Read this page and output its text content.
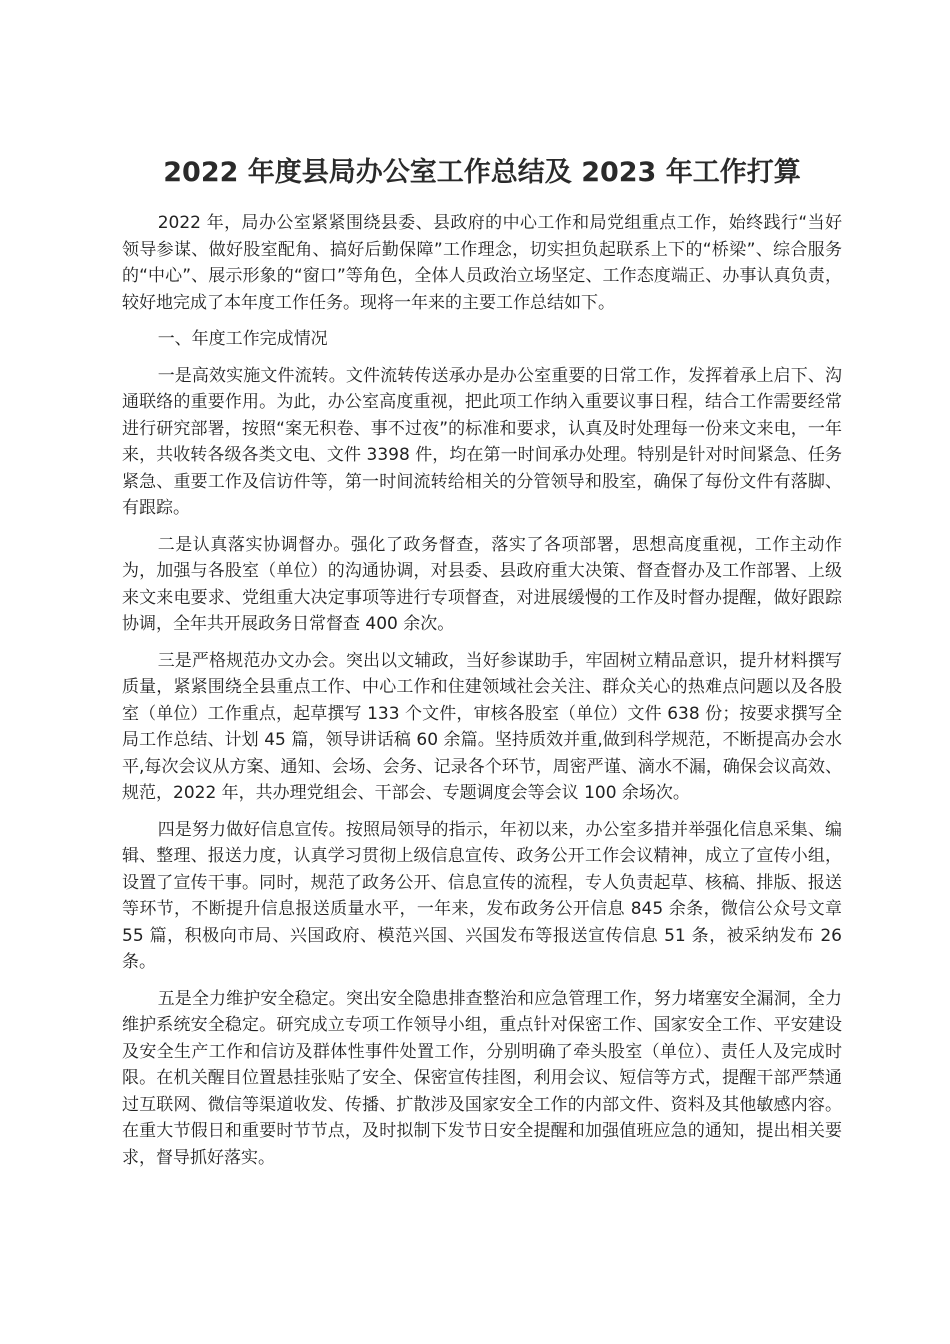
2022 年度县局办公室工作总结及 2023 年工作打算

2022 年，局办公室紧紧围绕县委、县政府的中心工作和局党组重点工作，始终践行“当好领导参谋、做好股室配角、搞好后勤保障”工作理念，切实担负起联系上下的“桥梁”、综合服务的“中心”、展示形象的“窗口”等角色，全体人员政治立场坚定、工作态度端正、办事认真负责，较好地完成了本年度工作任务。现将一年来的主要工作总结如下。

一、年度工作完成情况

一是高效实施文件流转。文件流转传送承办是办公室重要的日常工作，发挥着承上启下、沟通联络的重要作用。为此，办公室高度重视，把此项工作纳入重要议事日程，结合工作需要经常进行研究部署，按照“案无积卷、事不过夜”的标准和要求，认真及时处理每一份来文来电，一年来，共收转各级各类文电、文件 3398 件，均在第一时间承办处理。特别是针对时间紧急、任务紧急、重要工作及信访件等，第一时间流转给相关的分管领导和股室，确保了每份文件有落脚、有跟踪。

二是认真落实协调督办。强化了政务督查，落实了各项部署，思想高度重视，工作主动作为，加强与各股室（单位）的沟通协调，对县委、县政府重大决策、督查督办及工作部署、上级来文来电要求、党组重大决定事项等进行专项督查，对进展缓慢的工作及时督办提醒，做好跟踪协调，全年共开展政务日常督查 400 余次。

三是严格规范办文办会。突出以文辅政，当好参谋助手，牢固树立精品意识，提升材料撰写质量，紧紧围绕全县重点工作、中心工作和住建领域社会关注、群众关心的热难点问题以及各股室（单位）工作重点，起草撰写 133 个文件，审核各股室（单位）文件 638 份；按要求撰写全局工作总结、计划 45 篇，领导讲话稿 60 余篇。坚持质效并重,做到科学规范，不断提高办会水平,每次会议从方案、通知、会场、会务、记录各个环节，周密严谨、滴水不漏，确保会议高效、规范，2022 年，共办理党组会、干部会、专题调度会等会议 100 余场次。

四是努力做好信息宣传。按照局领导的指示，年初以来，办公室多措并举强化信息采集、编辑、整理、报送力度，认真学习贯彻上级信息宣传、政务公开工作会议精神，成立了宣传小组，设置了宣传干事。同时，规范了政务公开、信息宣传的流程，专人负责起草、核稿、排版、报送等环节，不断提升信息报送质量水平，一年来，发布政务公开信息 845 余条，微信公众号文章 55 篇，积极向市局、兴国政府、模范兴国、兴国发布等报送宣传信息 51 条，被采纳发布 26 条。

五是全力维护安全稳定。突出安全隐患排查整治和应急管理工作，努力堵塞安全漏洞，全力维护系统安全稳定。研究成立专项工作领导小组，重点针对保密工作、国家安全工作、平安建设及安全生产工作和信访及群体性事件处置工作，分别明确了牵头股室（单位）、责任人及完成时限。在机关醒目位置悬挂张贴了安全、保密宣传挂图，利用会议、短信等方式，提醒干部严禁通过互联网、微信等渠道收发、传播、扩散涉及国家安全工作的内部文件、资料及其他敏感内容。在重大节假日和重要时节节点，及时拟制下发节日安全提醒和加强值班应急的通知，提出相关要求，督导抓好落实。
